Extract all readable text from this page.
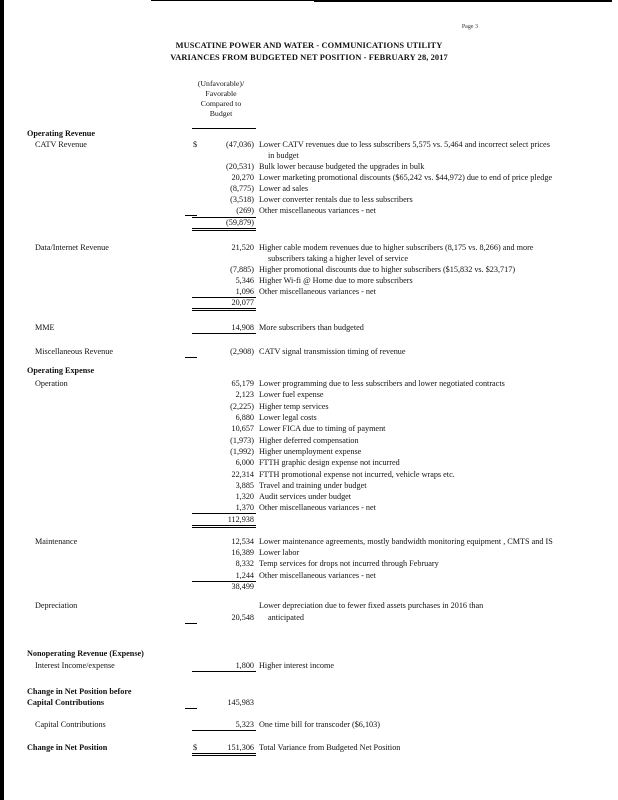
Page 3
MUSCATINE POWER AND WATER - COMMUNICATIONS UTILITY
VARIANCES FROM BUDGETED NET POSITION - FEBRUARY 28, 2017
(Unfavorable)/
Favorable
Compared to
Budget
Operating Revenue
CATV Revenue	$	(47,036) Lower CATV revenues due to less subscribers 5,575 vs. 5,464 and incorrect select prices
in budget
(20,531) Bulk lower because budgeted the upgrades in bulk
20,270 Lower marketing promotional discounts ($65,242 vs. $44,972) due to end of price pledge
(8,775) Lower ad sales
(3,518) Lower converter rentals due to less subscribers
(269) Other miscellaneous variances - net
(59,879)
Data/Internet Revenue	21,520 Higher cable modem revenues due to higher subscribers (8,175 vs. 8,266) and more
subscribers taking a higher level of service
(7,885) Higher promotional discounts due to higher subscribers ($15,832 vs. $23,717)
5,346 Higher Wi-fi @ Home due to more subscribers
1,096 Other miscellaneous variances - net
20,077
MME	14,908 More subscribers than budgeted
Miscellaneous Revenue	(2,908) CATV signal transmission timing of revenue
Operating Expense
Operation	65,179 Lower programming due to less subscribers and lower negotiated contracts
2,123 Lower fuel expense
(2,225) Higher temp services
6,880 Lower legal costs
10,657 Lower FICA due to timing of payment
(1,973) Higher deferred compensation
(1,992) Higher unemployment expense
6,000 FTTH graphic design expense not incurred
22,314 FTTH promotional expense not incurred, vehicle wraps etc.
3,885 Travel and training under budget
1,320 Audit services under budget
1,370 Other miscellaneous variances - net
112,938
Maintenance	12,534 Lower maintenance agreements, mostly bandwidth monitoring equipment , CMTS and IS
16,389 Lower labor
8,332 Temp services for drops not incurred through February
1,244 Other miscellaneous variances - net
38,499
Depreciation	Lower depreciation due to fewer fixed assets purchases in 2016 than
20,548 anticipated
Nonoperating Revenue (Expense)
Interest Income/expense	1,800 Higher interest income
Change in Net Position before
Capital Contributions	145,983
Capital Contributions	5,323 One time bill for transcoder ($6,103)
Change in Net Position	$	151,306 Total Variance from Budgeted Net Position
